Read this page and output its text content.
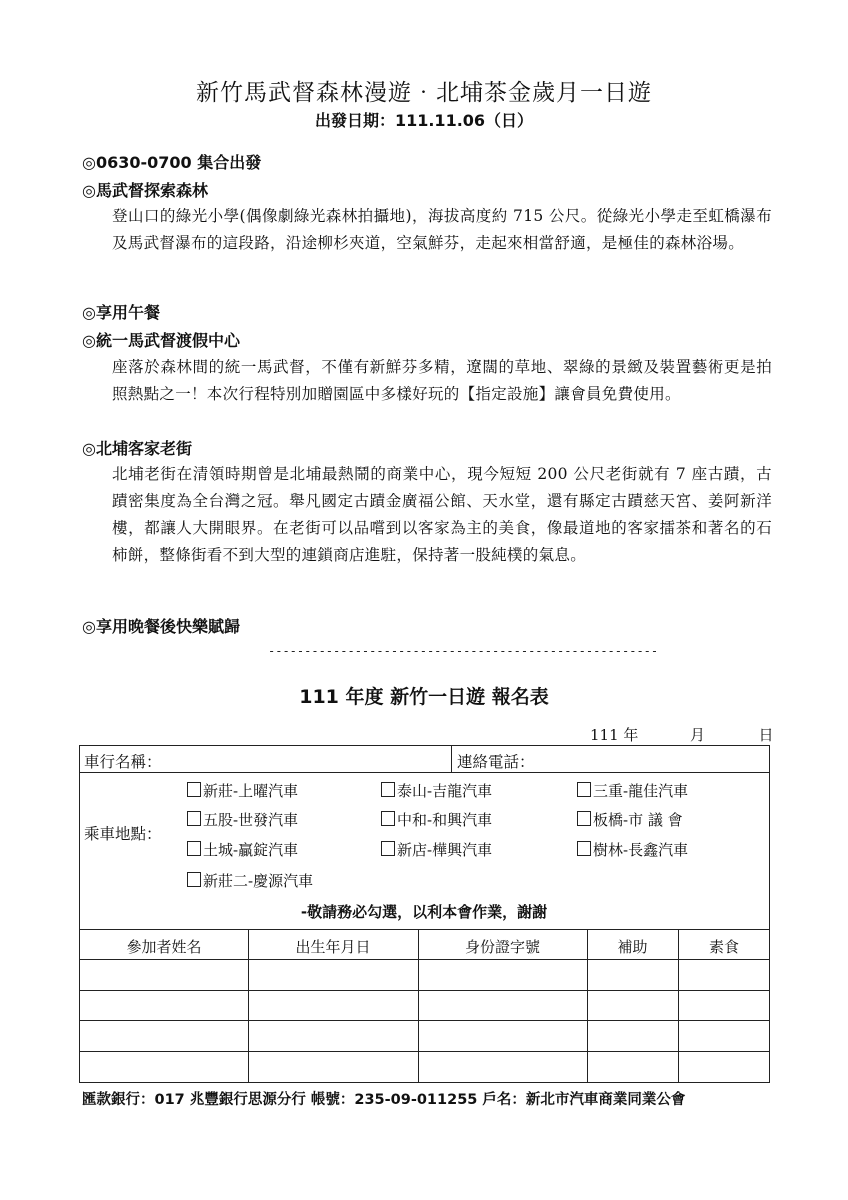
新竹馬武督森林漫遊‧北埔茶金歲月一日遊
出發日期：111.11.06（日）
◎0630-0700 集合出發
◎馬武督探索森林
登山口的綠光小學(偶像劇綠光森林拍攝地)，海拔高度約 715 公尺。從綠光小學走至虹橋瀑布及馬武督瀑布的這段路，沿途柳杉夾道，空氣鮮芬，走起來相當舒適，是極佳的森林浴場。
◎享用午餐
◎統一馬武督渡假中心
座落於森林間的統一馬武督，不僅有新鮮芬多精，遼闊的草地、翠綠的景緻及裝置藝術更是拍照熱點之一！本次行程特別加贈園區中多樣好玩的【指定設施】讓會員免費使用。
◎北埔客家老街
北埔老街在清領時期曾是北埔最熱鬧的商業中心，現今短短 200 公尺老街就有 7 座古蹟，古蹟密集度為全台灣之冠。舉凡國定古蹟金廣福公館、天水堂，還有縣定古蹟慈天宮、姜阿新洋樓，都讓人大開眼界。在老街可以品嚐到以客家為主的美食，像最道地的客家擂茶和著名的石柿餅，整條街看不到大型的連鎖商店進駐，保持著一股純樸的氣息。
◎享用晚餐後快樂賦歸
------------------------------------------------------
111 年度 新竹一日遊 報名表
111 年	月	日
車行名稱：	連絡電話：
乘車地點：
新莊-上曜汽車	泰山-吉龍汽車	三重-龍佳汽車
五股-世發汽車	中和-和興汽車	板橋-市 議 會
土城-贏錠汽車	新店-樺興汽車	樹林-長鑫汽車
新莊二-慶源汽車
-敬請務必勾選，以利本會作業，謝謝
參加者姓名	出生年月日	身份證字號	補助	素食
匯款銀行：017 兆豐銀行思源分行 帳號：235-09-011255 戶名：新北市汽車商業同業公會
